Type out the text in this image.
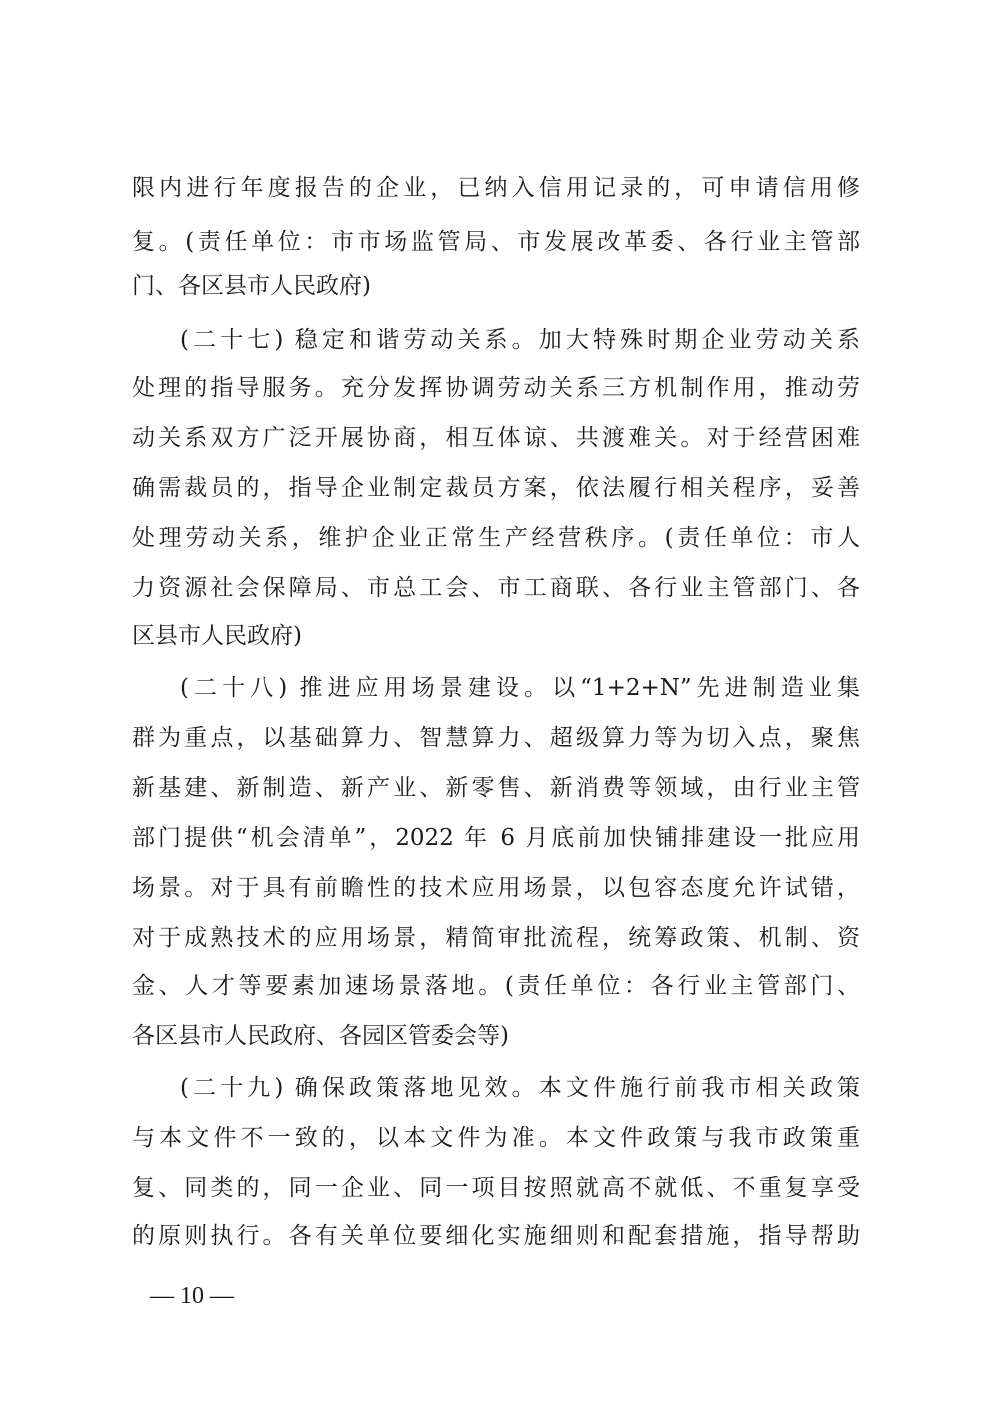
限内进行年度报告的企业，已纳入信用记录的，可申请信用修
复。(责任单位：市市场监管局、市发展改革委、各行业主管部
门、各区县市人民政府)
(二十七) 稳定和谐劳动关系。加大特殊时期企业劳动关系
处理的指导服务。充分发挥协调劳动关系三方机制作用，推动劳
动关系双方广泛开展协商，相互体谅、共渡难关。对于经营困难
确需裁员的，指导企业制定裁员方案，依法履行相关程序，妥善
处理劳动关系，维护企业正常生产经营秩序。(责任单位：市人
力资源社会保障局、市总工会、市工商联、各行业主管部门、各
区县市人民政府)
(二十八) 推进应用场景建设。以“1+2+N”先进制造业集
群为重点，以基础算力、智慧算力、超级算力等为切入点，聚焦
新基建、新制造、新产业、新零售、新消费等领域，由行业主管
部门提供“机会清单”，2022 年 6 月底前加快铺排建设一批应用
场景。对于具有前瞻性的技术应用场景，以包容态度允许试错，
对于成熟技术的应用场景，精简审批流程，统筹政策、机制、资
金、人才等要素加速场景落地。(责任单位：各行业主管部门、
各区县市人民政府、各园区管委会等)
(二十九) 确保政策落地见效。本文件施行前我市相关政策
与本文件不一致的，以本文件为准。本文件政策与我市政策重
复、同类的，同一企业、同一项目按照就高不就低、不重复享受
的原则执行。各有关单位要细化实施细则和配套措施，指导帮助
— 10 —
